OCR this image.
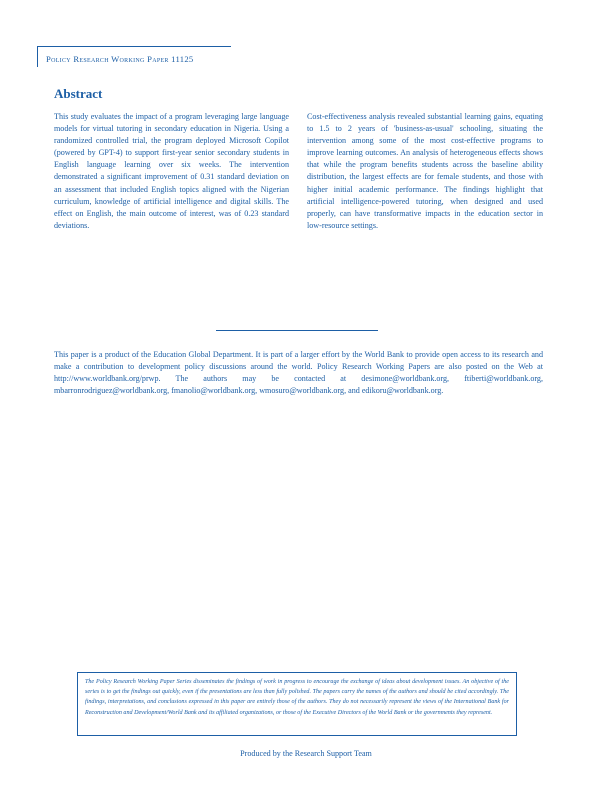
Policy Research Working Paper 11125
Abstract
This study evaluates the impact of a program leveraging large language models for virtual tutoring in secondary education in Nigeria. Using a randomized controlled trial, the program deployed Microsoft Copilot (powered by GPT-4) to support first-year senior secondary students in English language learning over six weeks. The intervention demonstrated a significant improvement of 0.31 standard deviation on an assessment that included English topics aligned with the Nigerian curriculum, knowledge of artificial intelligence and digital skills. The effect on English, the main outcome of interest, was of 0.23 standard deviations.
Cost-effectiveness analysis revealed substantial learning gains, equating to 1.5 to 2 years of 'business-as-usual' schooling, situating the intervention among some of the most cost-effective programs to improve learning outcomes. An analysis of heterogeneous effects shows that while the program benefits students across the baseline ability distribution, the largest effects are for female students, and those with higher initial academic performance. The findings highlight that artificial intelligence-powered tutoring, when designed and used properly, can have transformative impacts in the education sector in low-resource settings.
This paper is a product of the Education Global Department. It is part of a larger effort by the World Bank to provide open access to its research and make a contribution to development policy discussions around the world. Policy Research Working Papers are also posted on the Web at http://www.worldbank.org/prwp. The authors may be contacted at desimone@worldbank.org, ftiberti@worldbank.org, mbarronrodriguez@worldbank.org, fmanolio@worldbank.org, wmosuro@worldbank.org, and edikoru@worldbank.org.
The Policy Research Working Paper Series disseminates the findings of work in progress to encourage the exchange of ideas about development issues. An objective of the series is to get the findings out quickly, even if the presentations are less than fully polished. The papers carry the names of the authors and should be cited accordingly. The findings, interpretations, and conclusions expressed in this paper are entirely those of the authors. They do not necessarily represent the views of the International Bank for Reconstruction and Development/World Bank and its affiliated organizations, or those of the Executive Directors of the World Bank or the governments they represent.
Produced by the Research Support Team
